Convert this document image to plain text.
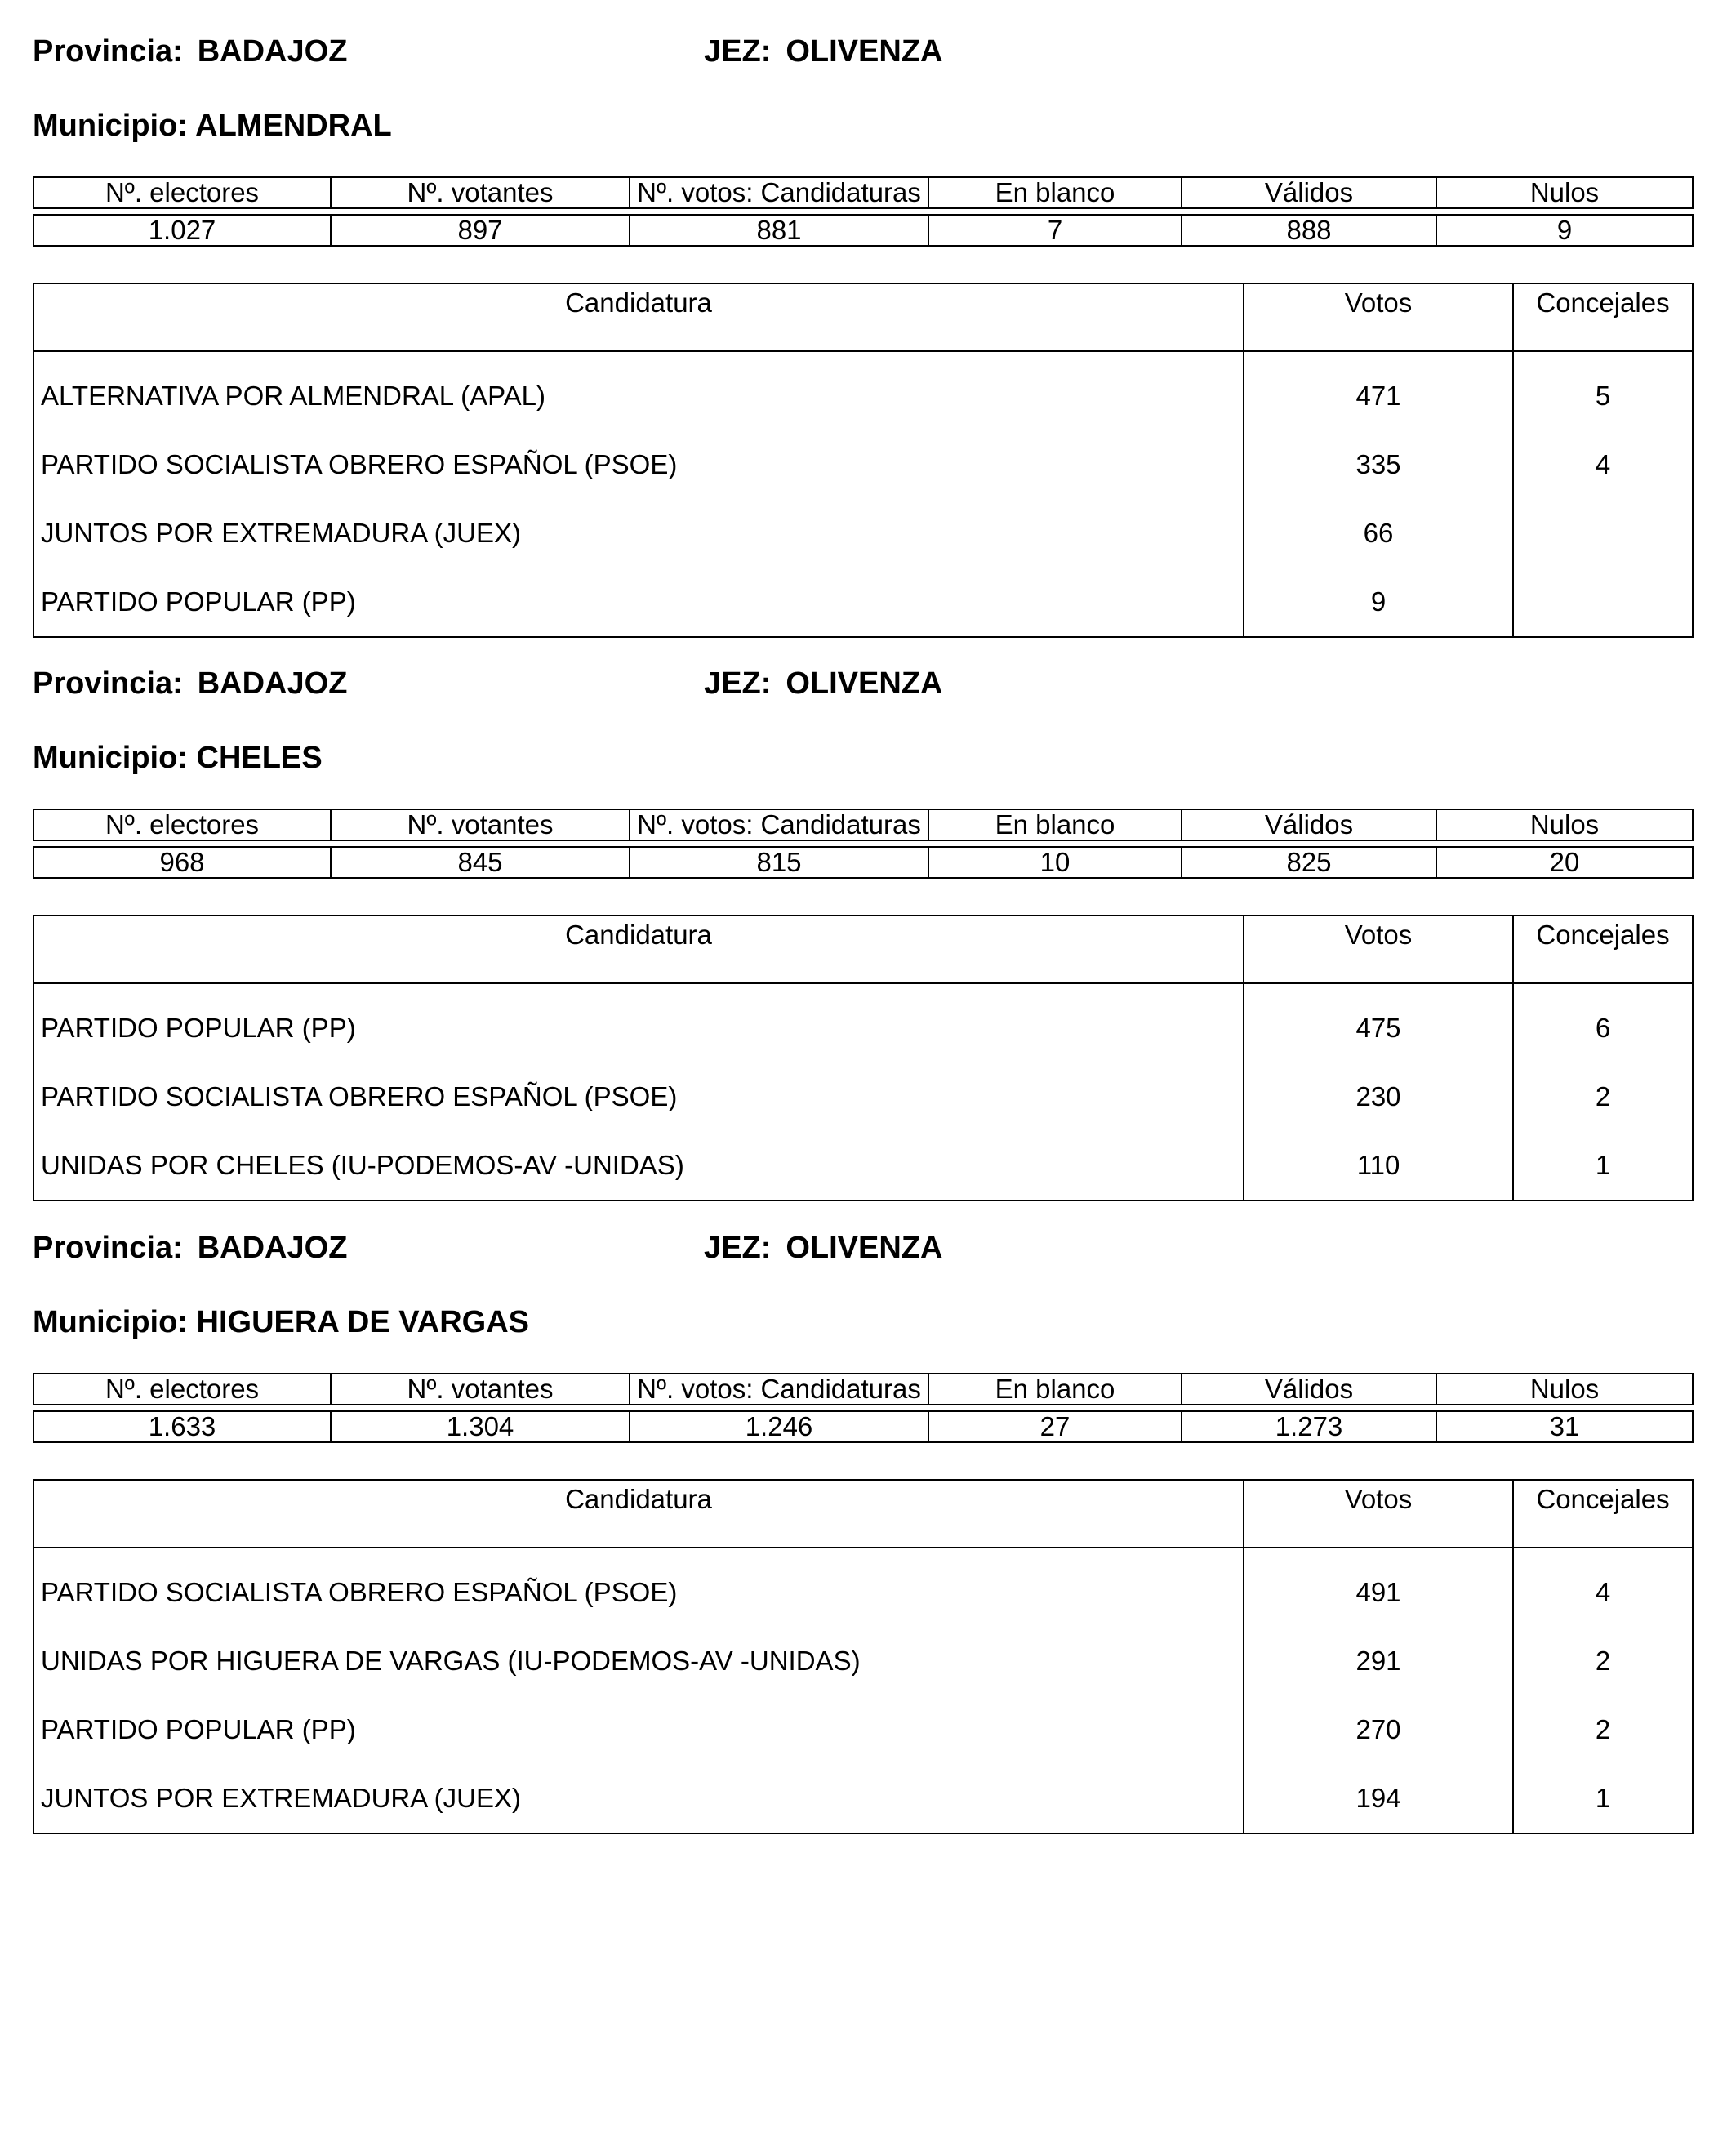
Provincia: BADAJOZ	JEZ: OLIVENZA
Municipio: ALMENDRAL
Nº. electores	Nº. votantes	Nº. votos: Candidaturas	En blanco	Válidos	Nulos

1.027	897	881	7	888	9
Candidatura	Votos	Concejales

ALTERNATIVA POR ALMENDRAL (APAL)	471	5
PARTIDO SOCIALISTA OBRERO ESPAÑOL (PSOE)	335	4
JUNTOS POR EXTREMADURA (JUEX)	66	
PARTIDO POPULAR (PP)	9	
Provincia: BADAJOZ	JEZ: OLIVENZA
Municipio: CHELES
Nº. electores	Nº. votantes	Nº. votos: Candidaturas	En blanco	Válidos	Nulos

968	845	815	10	825	20
Candidatura	Votos	Concejales

PARTIDO POPULAR (PP)	475	6
PARTIDO SOCIALISTA OBRERO ESPAÑOL (PSOE)	230	2
UNIDAS POR CHELES (IU-PODEMOS-AV -UNIDAS)	110	1
Provincia: BADAJOZ	JEZ: OLIVENZA
Municipio: HIGUERA DE VARGAS
Nº. electores	Nº. votantes	Nº. votos: Candidaturas	En blanco	Válidos	Nulos

1.633	1.304	1.246	27	1.273	31
Candidatura	Votos	Concejales

PARTIDO SOCIALISTA OBRERO ESPAÑOL (PSOE)	491	4
UNIDAS POR HIGUERA DE VARGAS (IU-PODEMOS-AV -UNIDAS)	291	2
PARTIDO POPULAR (PP)	270	2
JUNTOS POR EXTREMADURA (JUEX)	194	1
